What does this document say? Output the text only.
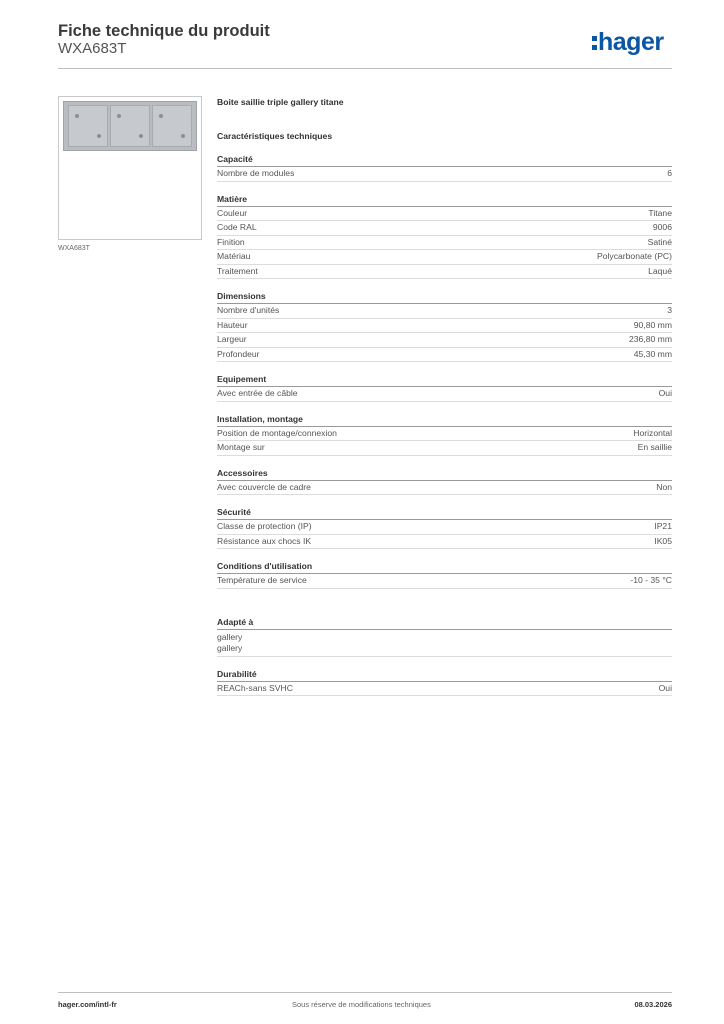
Fiche technique du produit
WXA683T	hager
WXA683T
Boite saillie triple gallery titane
Caractéristiques techniques
Capacité
Nombre de modules	6
Matière
Couleur	Titane
Code RAL	9006
Finition	Satiné
Matériau	Polycarbonate (PC)
Traitement	Laqué
Dimensions
Nombre d'unités	3
Hauteur	90,80 mm
Largeur	236,80 mm
Profondeur	45,30 mm
Equipement
Avec entrée de câble	Oui
Installation, montage
Position de montage/connexion	Horizontal
Montage sur	En saillie
Accessoires
Avec couvercle de cadre	Non
Sécurité
Classe de protection (IP)	IP21
Résistance aux chocs IK	IK05
Conditions d'utilisation
Température de service	-10 - 35 °C
Adapté à
gallery
gallery
Durabilité
REACh-sans SVHC	Oui
hager.com/intl-fr	Sous réserve de modifications techniques	08.03.2026
